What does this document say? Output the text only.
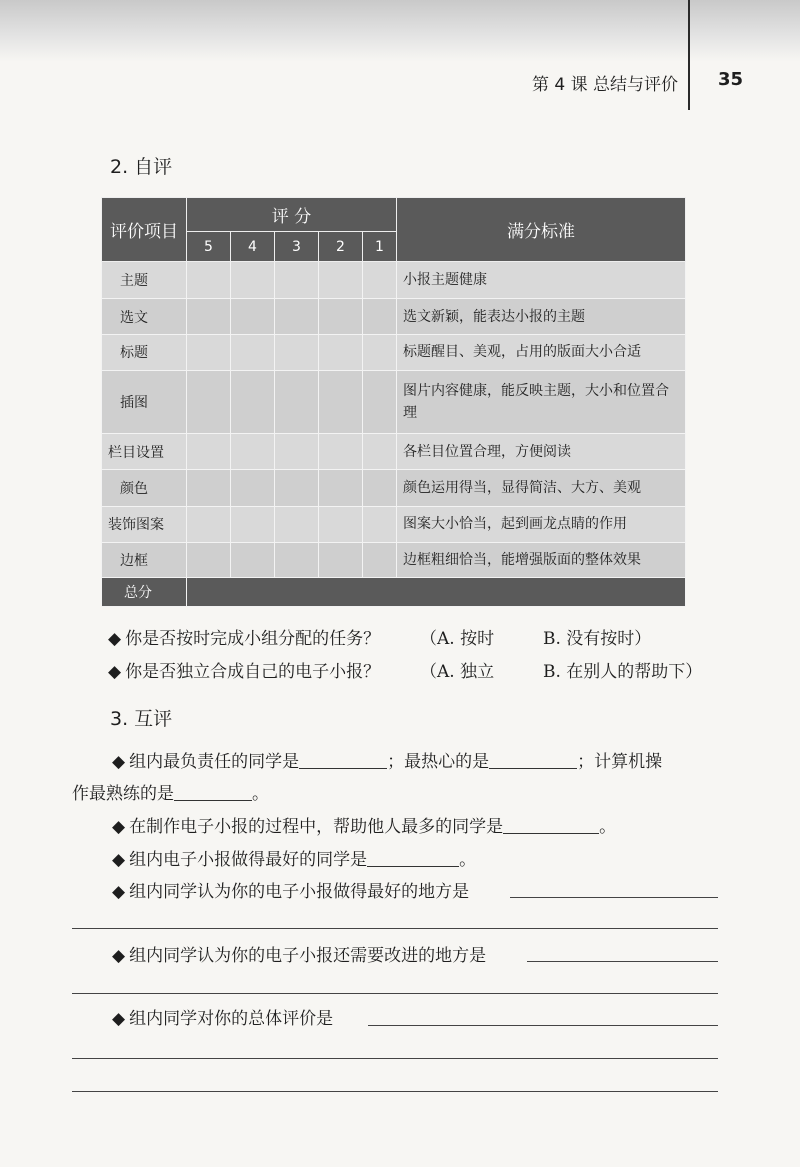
第 4 课 总结与评价 35
2. 自评
评价项目	评 分					满分标准
	5	4	3	2	1	
主题						小报主题健康
选文						选文新颖，能表达小报的主题
标题						标题醒目、美观，占用的版面大小合适
插图						图片内容健康，能反映主题，大小和位置合理
栏目设置						各栏目位置合理，方便阅读
颜色						颜色运用得当，显得简洁、大方、美观
装饰图案						图案大小恰当，起到画龙点睛的作用
边框						边框粗细恰当，能增强版面的整体效果
总分						
◆ 你是否按时完成小组分配的任务？ （A. 按时	B. 没有按时）
◆ 你是否独立合成自己的电子小报？ （A. 独立	B. 在别人的帮助下）
3. 互评
◆ 组内最负责任的同学是	；最热心的是	；计算机操
作最熟练的是	。
◆ 在制作电子小报的过程中，帮助他人最多的同学是	。
◆ 组内电子小报做得最好的同学是	。
◆ 组内同学认为你的电子小报做得最好的地方是
◆ 组内同学认为你的电子小报还需要改进的地方是
◆ 组内同学对你的总体评价是
